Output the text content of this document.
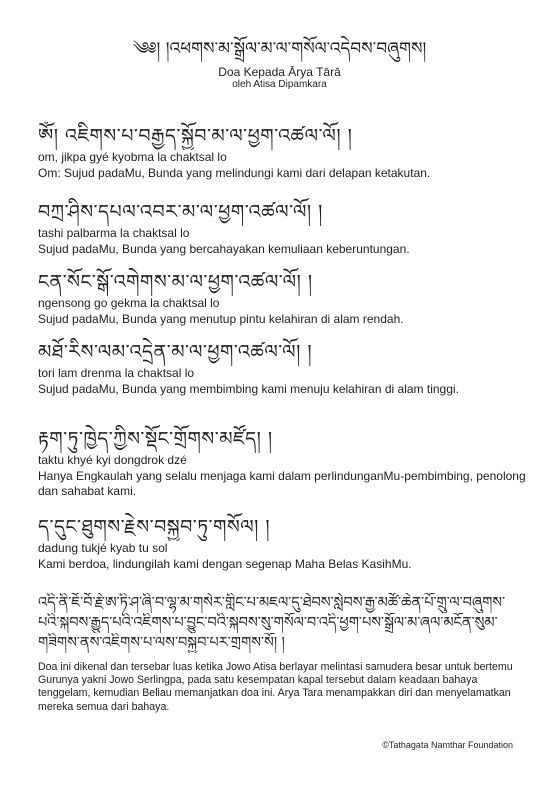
༄༅། །འཕགས་མ་སྒྲོལ་མ་ལ་གསོལ་འདེབས་བཞུགས།
Doa Kepada Ārya Tārā
oleh Atisa Dipamkara
ཨོཾ། འཇིགས་པ་བརྒྱད་སྐྱོབ་མ་ལ་ཕྱག་འཚལ་ལོ། །
om, jikpa gyé kyobma la chaktsal lo
Om: Sujud padaMu, Bunda yang melindungi kami dari delapan ketakutan.
བཀྲ་ཤིས་དཔལ་འབར་མ་ལ་ཕྱག་འཚལ་ལོ། །
tashi palbarma la chaktsal lo
Sujud padaMu, Bunda yang bercahayakan kemuliaan keberuntungan.
ངན་སོང་སྒོ་འགེགས་མ་ལ་ཕྱག་འཚལ་ལོ། །
ngensong go gekma la chaktsal lo
Sujud padaMu, Bunda yang menutup pintu kelahiran di alam rendah.
མཐོ་རིས་ལམ་འདྲེན་མ་ལ་ཕྱག་འཚལ་ལོ། །
tori lam drenma la chaktsal lo
Sujud padaMu, Bunda yang membimbing kami menuju kelahiran di alam tinggi.
རྟག་ཏུ་ཁྱེད་ཀྱིས་སྡོང་གྲོགས་མཛོད། །
taktu khyé kyi dongdrok dzé
Hanya Engkaulah yang selalu menjaga kami dalam perlindunganMu-pembimbing, penolong dan sahabat kami.
ད་དུང་ཐུགས་རྗེས་བསྐྱབ་ཏུ་གསོལ། །
dadung tukjé kyab tu sol
Kami berdoa, lindungilah kami dengan segenap Maha Belas KasihMu.
འདི་ནི་ཇོ་བོ་རྗེ་ཨ་ཏི་ཤ་ཞི་བ་ལྷ་མ་གསེར་གླིང་པ་མཇལ་དུ་ཐེབས་སླེབས་རྒྱ་མཚོ་ཆེན་པོ་གྲུ་ལ་བཞུགས་
པའི་སྐབས་རྒྱུད་པའི་འཇིགས་པ་བྱུང་བའི་སྐབས་སུ་གསོལ་བ་འདི་ཕྱག་པས་སྒྲོལ་མ་ཞལ་མངོན་སུམ་
གཟིགས་ནས་འཇིགས་པ་ལས་བསྐྱབ་པར་གྲགས་སོ། །
Doa ini dikenal dan tersebar luas ketika Jowo Atisa berlayar melintasi samudera besar untuk bertemu Gurunya yakni Jowo Serlingpa, pada satu kesempatan kapal tersebut dalam keadaan bahaya tenggelam, kemudian Beliau memanjatkan doa ini. Arya Tara menampakkan diri dan menyelamatkan mereka semua dari bahaya.
©Tathagata Namthar Foundation
